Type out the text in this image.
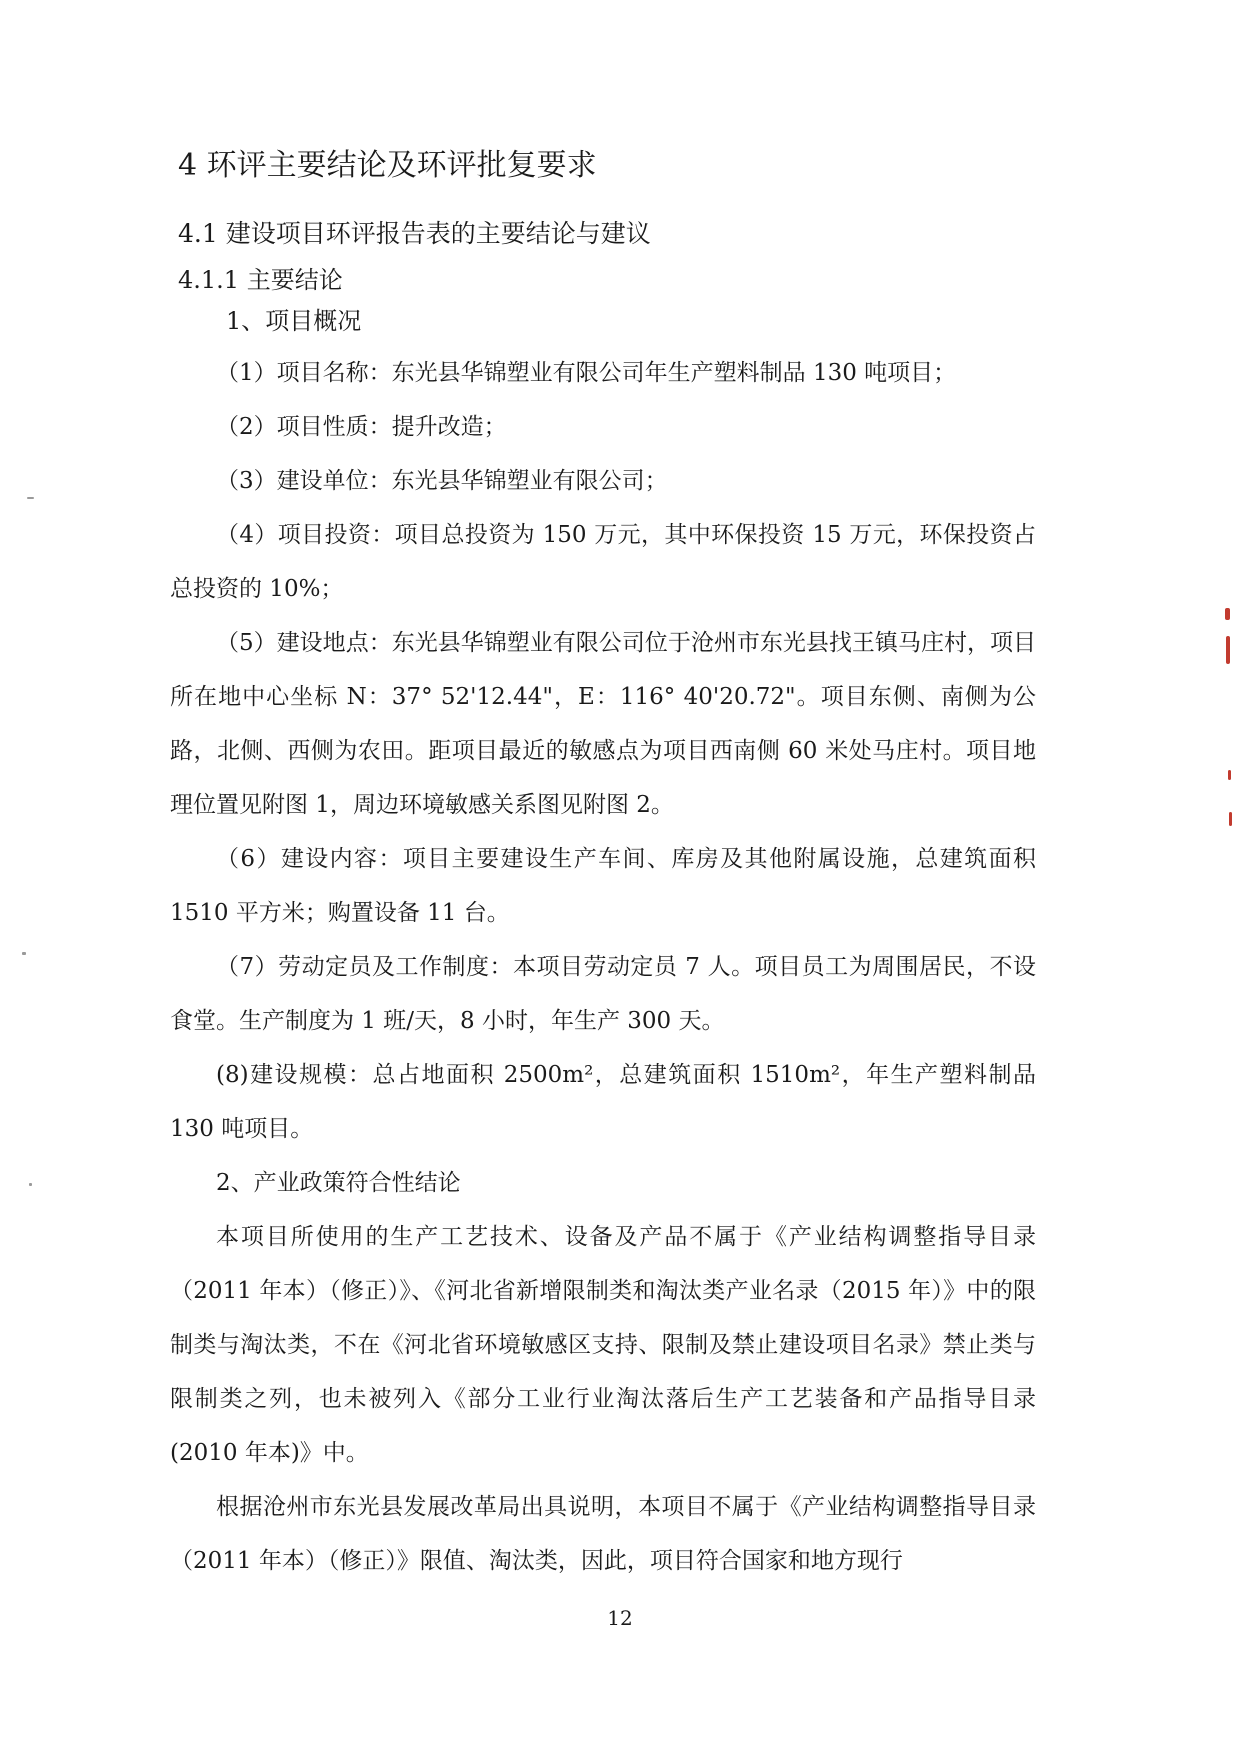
4 环评主要结论及环评批复要求
4.1 建设项目环评报告表的主要结论与建议
4.1.1 主要结论
1、项目概况

（1）项目名称：东光县华锦塑业有限公司年生产塑料制品 130 吨项目；

（2）项目性质：提升改造；

（3）建设单位：东光县华锦塑业有限公司；

（4）项目投资：项目总投资为 150 万元，其中环保投资 15 万元，环保投资占总投资的 10%；

（5）建设地点：东光县华锦塑业有限公司位于沧州市东光县找王镇马庄村，项目所在地中心坐标 N：37° 52'12.44"，E：116° 40'20.72"。项目东侧、南侧为公路，北侧、西侧为农田。距项目最近的敏感点为项目西南侧 60 米处马庄村。项目地理位置见附图 1，周边环境敏感关系图见附图 2。

（6）建设内容：项目主要建设生产车间、库房及其他附属设施，总建筑面积 1510 平方米；购置设备 11 台。

（7）劳动定员及工作制度：本项目劳动定员 7 人。项目员工为周围居民，不设食堂。生产制度为 1 班/天，8 小时，年生产 300 天。

(8)建设规模：总占地面积 2500m²，总建筑面积 1510m²，年生产塑料制品 130 吨项目。

2、产业政策符合性结论

本项目所使用的生产工艺技术、设备及产品不属于《产业结构调整指导目录（2011 年本）（修正）》、《河北省新增限制类和淘汰类产业名录（2015 年）》中的限制类与淘汰类，不在《河北省环境敏感区支持、限制及禁止建设项目名录》禁止类与限制类之列，也未被列入《部分工业行业淘汰落后生产工艺装备和产品指导目录(2010 年本)》中。

根据沧州市东光县发展改革局出具说明，本项目不属于《产业结构调整指导目录（2011 年本）（修正）》限值、淘汰类，因此，项目符合国家和地方现行

12
